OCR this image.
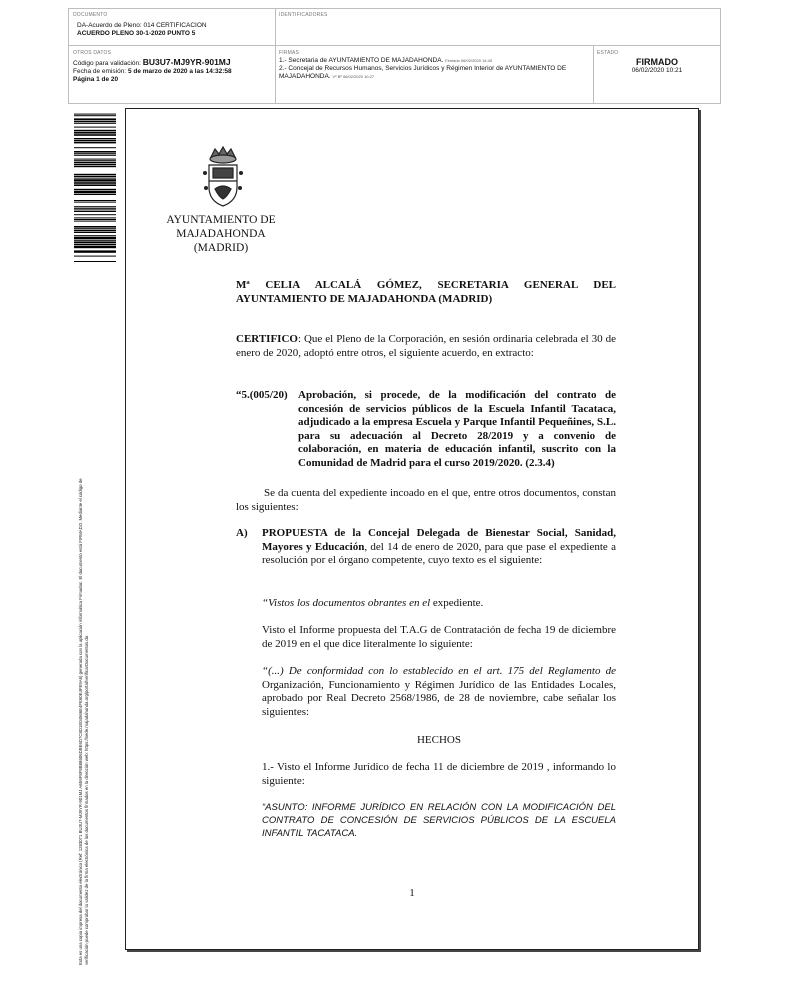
DOCUMENTO
DA-Acuerdo de Pleno: 014 CERTIFICACION
ACUERDO PLENO 30-1-2020 PUNTO 5
IDENTIFICADORES
OTROS DATOS
Código para validación: BU3U7-MJ9YR-901MJ
Fecha de emisión: 5 de marzo de 2020 a las 14:32:58
Página 1 de 20
FIRMAS
1.- Secretaria de AYUNTAMIENTO DE MAJADAHONDA. Firmado 06/02/2020 14:40
2.- Concejal de Recursos Humanos, Servicios Jurídicos y Régimen Interior de AYUNTAMIENTO DE MAJADAHONDA. Vº Bº 06/02/2020 10:27
ESTADO
FIRMADO
06/02/2020 10:21
Esta es una copia impresa del documento electrónico (Ref: 1283071 BU3U7-MJ9YR-901MJ A6E6F8F8B88606DBE6D7C8D1E04566E4FE60E4FE9A6) generada con la aplicación informática Firmadoc. El documento está FIRMADO. Mediante el código de verificación puede comprobar la validez de la firma electrónica de los documentos firmados en la dirección web: https://sede.majadahonda.org/portal/verificarDocumentos.do
AYUNTAMIENTO DE
MAJADAHONDA
(MADRID)
Mª CELIA ALCALÁ GÓMEZ, SECRETARIA GENERAL DEL AYUNTAMIENTO DE MAJADAHONDA (MADRID)
CERTIFICO: Que el Pleno de la Corporación, en sesión ordinaria celebrada el 30 de enero de 2020, adoptó entre otros, el siguiente acuerdo, en extracto:
“5.(005/20) Aprobación, si procede, de la modificación del contrato de concesión de servicios públicos de la Escuela Infantil Tacataca, adjudicado a la empresa Escuela y Parque Infantil Pequeñines, S.L. para su adecuación al Decreto 28/2019 y a convenio de colaboración, en materia de educación infantil, suscrito con la Comunidad de Madrid para el curso 2019/2020. (2.3.4)
Se da cuenta del expediente incoado en el que, entre otros documentos, constan los siguientes:
A) PROPUESTA de la Concejal Delegada de Bienestar Social, Sanidad, Mayores y Educación, del 14 de enero de 2020, para que pase el expediente a resolución por el órgano competente, cuyo texto es el siguiente:
“Vistos los documentos obrantes en el expediente.
Visto el Informe propuesta del T.A.G de Contratación de fecha 19 de diciembre de 2019 en el que dice literalmente lo siguiente:
“(...) De conformidad con lo establecido en el art. 175 del Reglamento de Organización, Funcionamiento y Régimen Jurídico de las Entidades Locales, aprobado por Real Decreto 2568/1986, de 28 de noviembre, cabe señalar los siguientes:
HECHOS
1.- Visto el Informe Jurídico de fecha 11 de diciembre de 2019 , informando lo siguiente:
“ASUNTO: INFORME JURÍDICO EN RELACIÓN CON LA MODIFICACIÓN DEL CONTRATO DE CONCESIÓN DE SERVICIOS PÚBLICOS DE LA ESCUELA INFANTIL TACATACA.
1
